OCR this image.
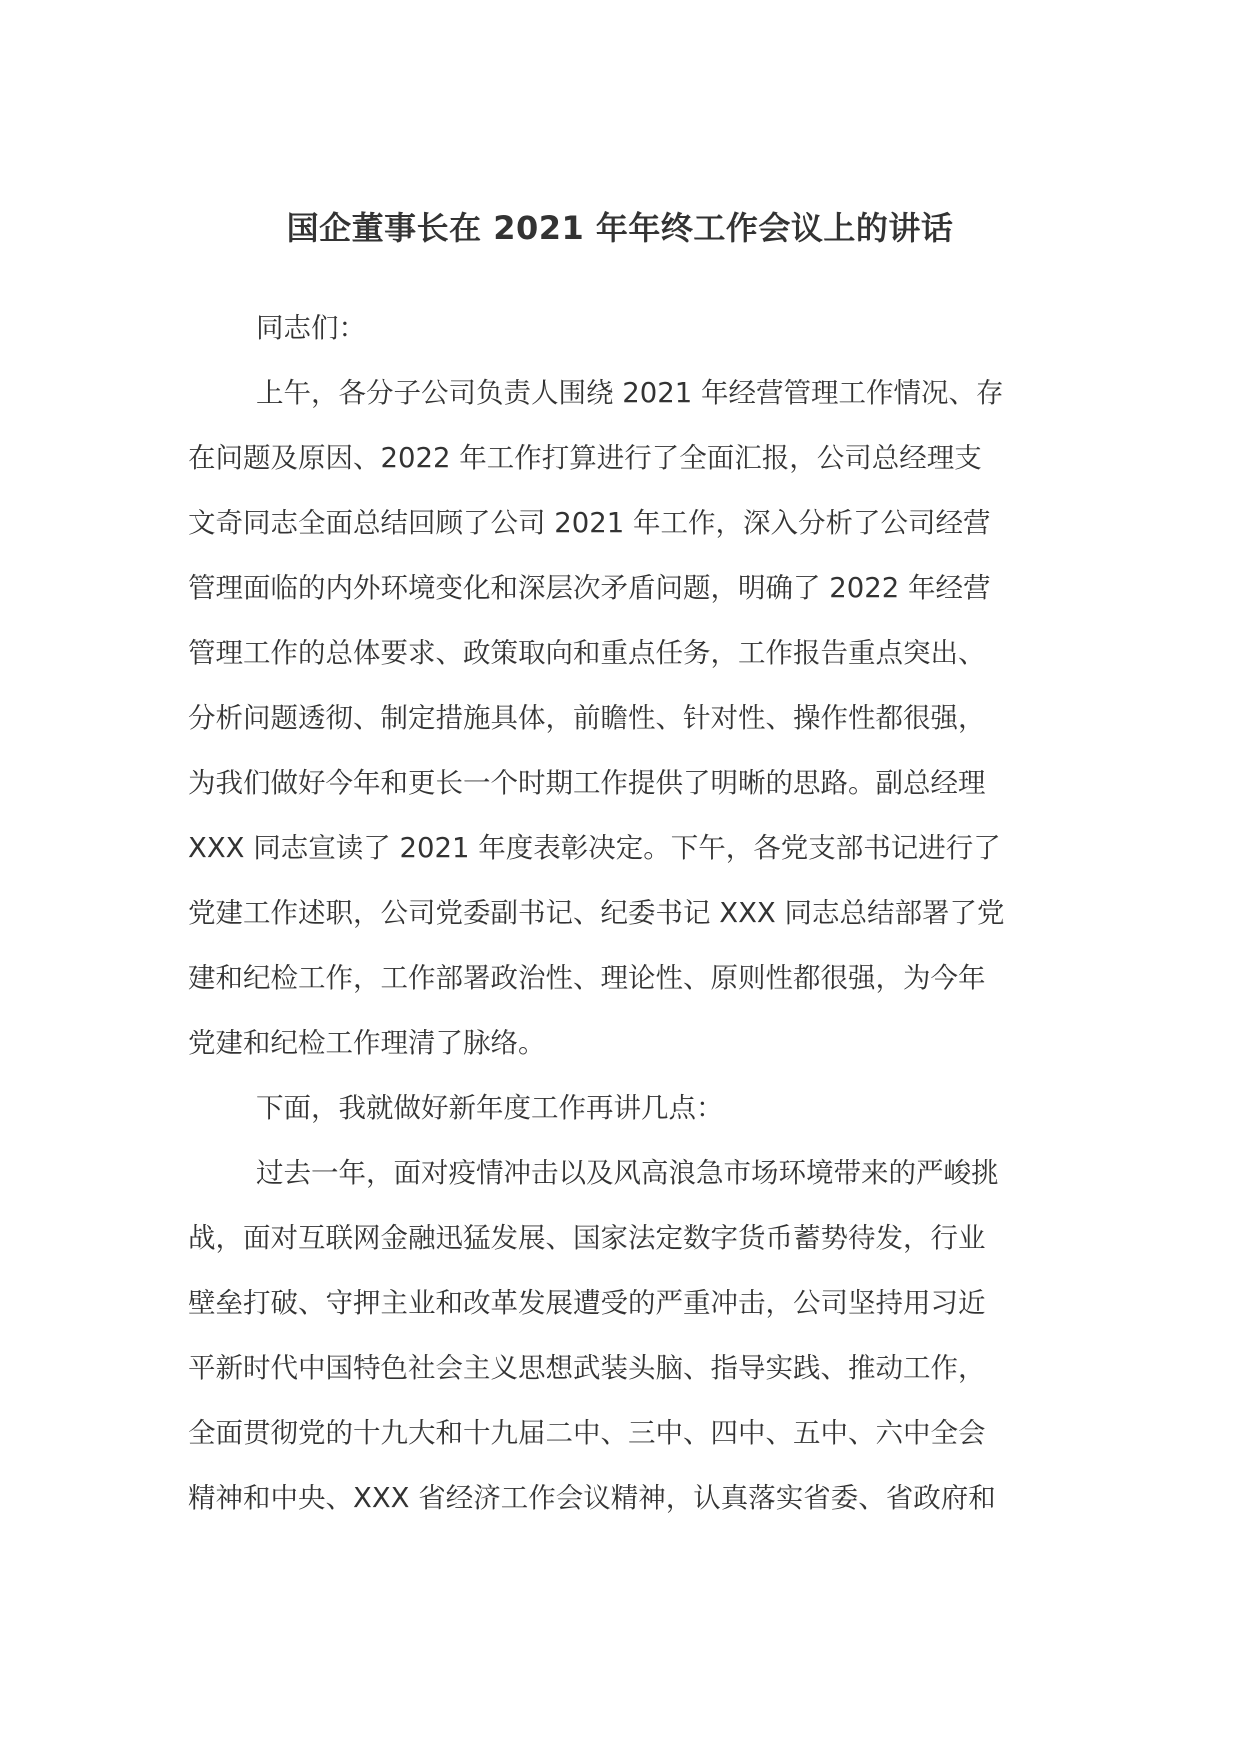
国企董事长在 2021 年年终工作会议上的讲话
同志们：
上午，各分子公司负责人围绕 2021 年经营管理工作情况、存
在问题及原因、2022 年工作打算进行了全面汇报，公司总经理支
文奇同志全面总结回顾了公司 2021 年工作，深入分析了公司经营
管理面临的内外环境变化和深层次矛盾问题，明确了 2022 年经营
管理工作的总体要求、政策取向和重点任务，工作报告重点突出、
分析问题透彻、制定措施具体，前瞻性、针对性、操作性都很强，
为我们做好今年和更长一个时期工作提供了明晰的思路。副总经理
XXX 同志宣读了 2021 年度表彰决定。下午，各党支部书记进行了
党建工作述职，公司党委副书记、纪委书记 XXX 同志总结部署了党
建和纪检工作，工作部署政治性、理论性、原则性都很强，为今年
党建和纪检工作理清了脉络。
下面，我就做好新年度工作再讲几点：
过去一年，面对疫情冲击以及风高浪急市场环境带来的严峻挑
战，面对互联网金融迅猛发展、国家法定数字货币蓄势待发，行业
壁垒打破、守押主业和改革发展遭受的严重冲击，公司坚持用习近
平新时代中国特色社会主义思想武装头脑、指导实践、推动工作，
全面贯彻党的十九大和十九届二中、三中、四中、五中、六中全会
精神和中央、XXX 省经济工作会议精神，认真落实省委、省政府和
